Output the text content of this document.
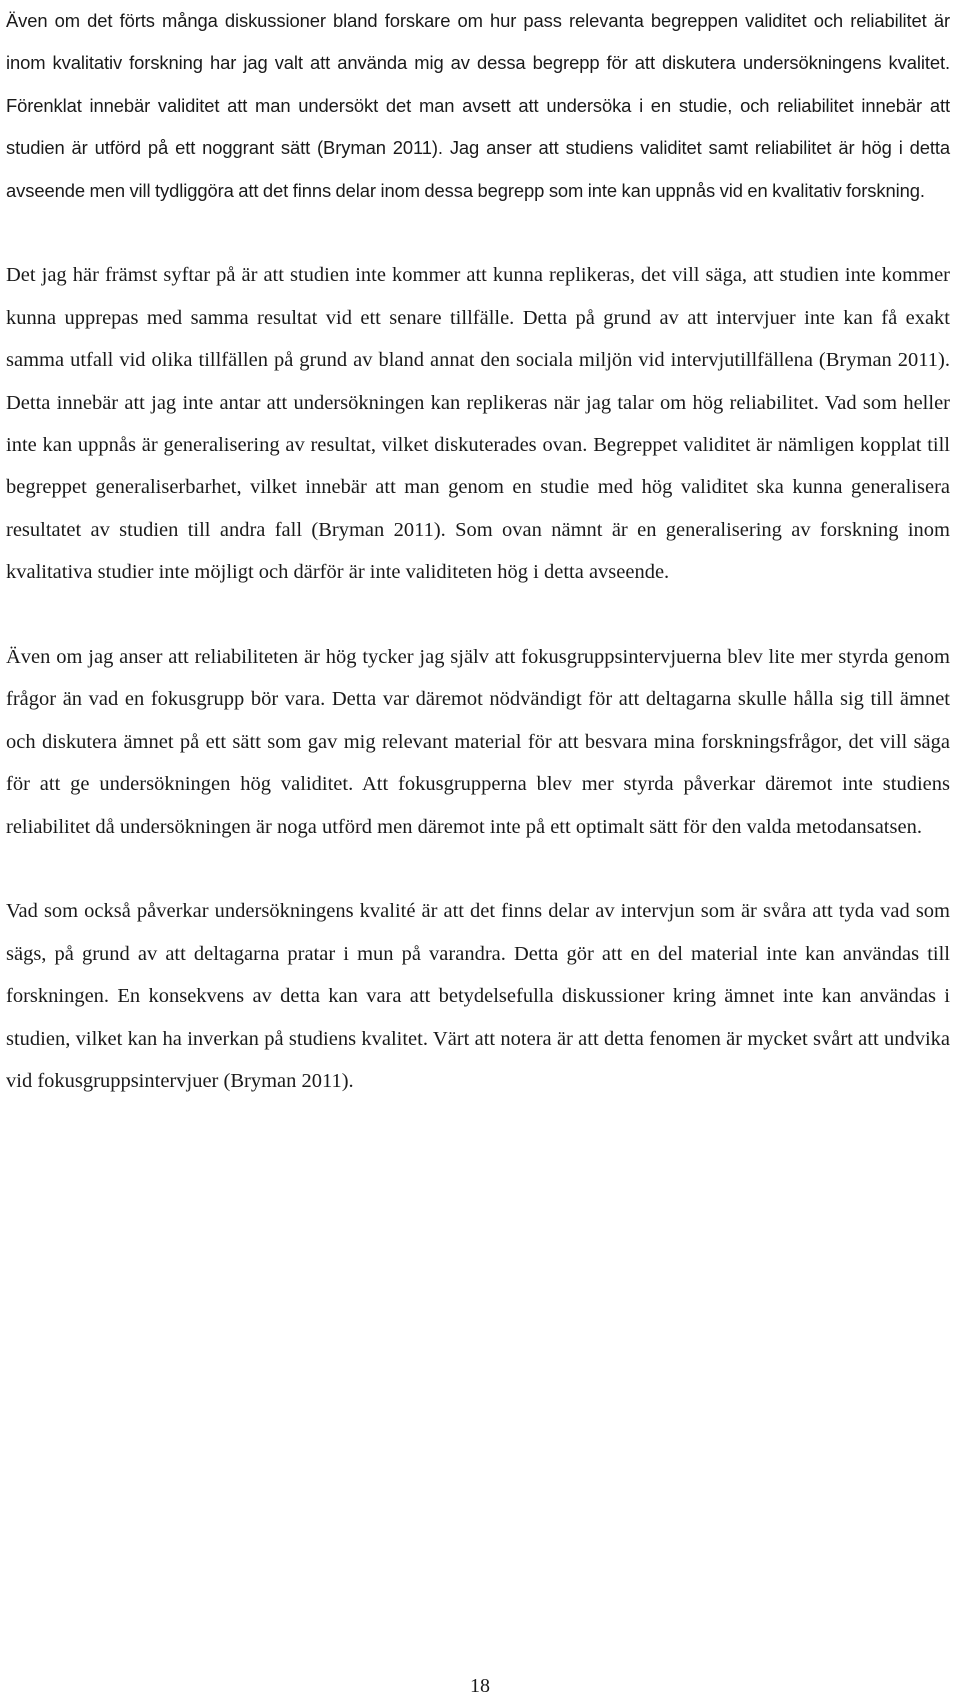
Även om det förts många diskussioner bland forskare om hur pass relevanta begreppen validitet och reliabilitet är inom kvalitativ forskning har jag valt att använda mig av dessa begrepp för att diskutera undersökningens kvalitet. Förenklat innebär validitet att man undersökt det man avsett att undersöka i en studie, och reliabilitet innebär att studien är utförd på ett noggrant sätt (Bryman 2011). Jag anser att studiens validitet samt reliabilitet är hög i detta avseende men vill tydliggöra att det finns delar inom dessa begrepp som inte kan uppnås vid en kvalitativ forskning.

Det jag här främst syftar på är att studien inte kommer att kunna replikeras, det vill säga, att studien inte kommer kunna upprepas med samma resultat vid ett senare tillfälle. Detta på grund av att intervjuer inte kan få exakt samma utfall vid olika tillfällen på grund av bland annat den sociala miljön vid intervjutillfällena (Bryman 2011). Detta innebär att jag inte antar att undersökningen kan replikeras när jag talar om hög reliabilitet. Vad som heller inte kan uppnås är generalisering av resultat, vilket diskuterades ovan. Begreppet validitet är nämligen kopplat till begreppet generaliserbarhet, vilket innebär att man genom en studie med hög validitet ska kunna generalisera resultatet av studien till andra fall (Bryman 2011). Som ovan nämnt är en generalisering av forskning inom kvalitativa studier inte möjligt och därför är inte validiteten hög i detta avseende.

Även om jag anser att reliabiliteten är hög tycker jag själv att fokusgruppsintervjuerna blev lite mer styrda genom frågor än vad en fokusgrupp bör vara. Detta var däremot nödvändigt för att deltagarna skulle hålla sig till ämnet och diskutera ämnet på ett sätt som gav mig relevant material för att besvara mina forskningsfrågor, det vill säga för att ge undersökningen hög validitet. Att fokusgrupperna blev mer styrda påverkar däremot inte studiens reliabilitet då undersökningen är noga utförd men däremot inte på ett optimalt sätt för den valda metodansatsen.

Vad som också påverkar undersökningens kvalité är att det finns delar av intervjun som är svåra att tyda vad som sägs, på grund av att deltagarna pratar i mun på varandra. Detta gör att en del material inte kan användas till forskningen. En konsekvens av detta kan vara att betydelsefulla diskussioner kring ämnet inte kan användas i studien, vilket kan ha inverkan på studiens kvalitet. Värt att notera är att detta fenomen är mycket svårt att undvika vid fokusgruppsintervjuer (Bryman 2011).

18
